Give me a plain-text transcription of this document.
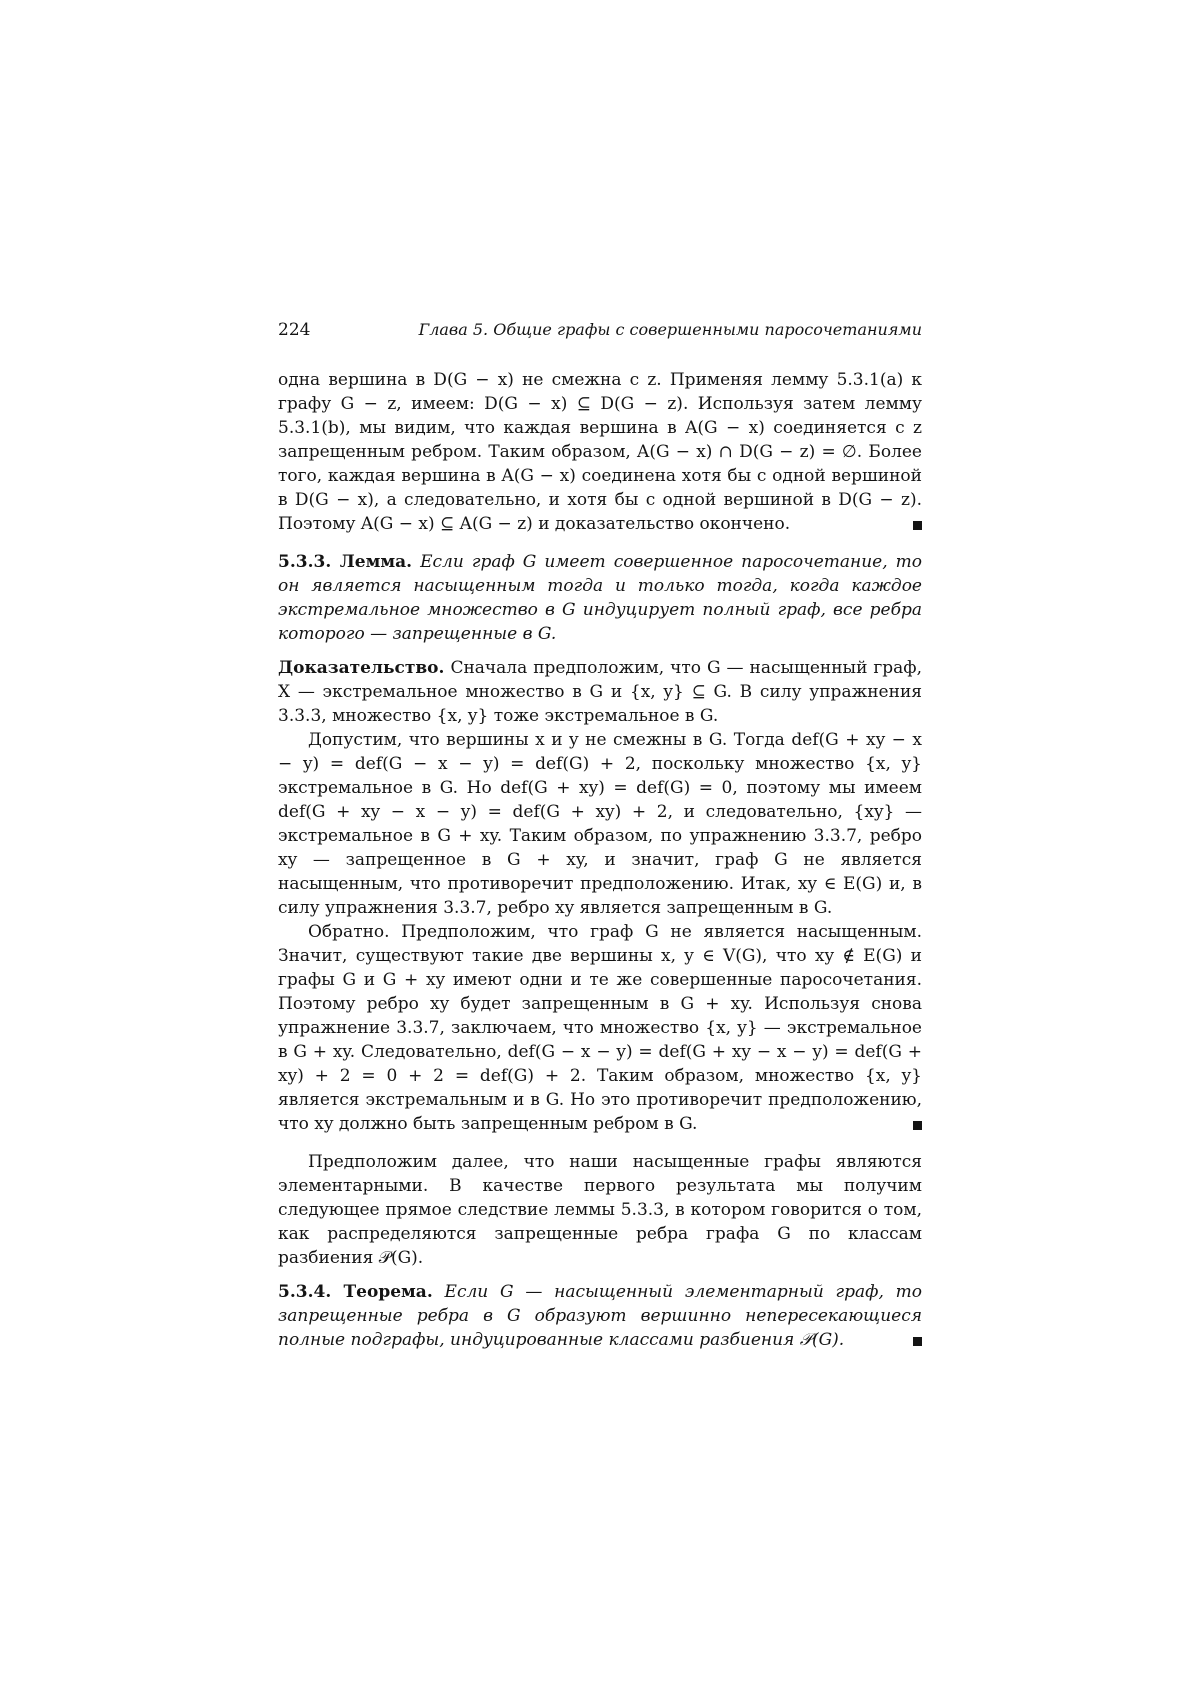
224	Глава 5. Общие графы с совершенными паросочетаниями

одна вершина в D(G − x) не смежна с z. Применяя лемму 5.3.1(a) к графу G − z, имеем: D(G − x) ⊆ D(G − z). Используя затем лемму 5.3.1(b), мы видим, что каждая вершина в A(G − x) соединяется с z запрещенным ребром. Таким образом, A(G − x) ∩ D(G − z) = ∅. Более того, каждая вершина в A(G − x) соединена хотя бы с одной вершиной в D(G − x), а следовательно, и хотя бы с одной вершиной в D(G − z). Поэтому A(G − x) ⊆ A(G − z) и доказательство окончено.

5.3.3. Лемма. Если граф G имеет совершенное паросочетание, то он является насыщенным тогда и только тогда, когда каждое экстремальное множество в G индуцирует полный граф, все ребра которого — запрещенные в G.

Доказательство. Сначала предположим, что G — насыщенный граф, X — экстремальное множество в G и {x, y} ⊆ G. В силу упражнения 3.3.3, множество {x, y} тоже экстремальное в G.

Допустим, что вершины x и y не смежны в G. Тогда def(G + xy − x − y) = def(G − x − y) = def(G) + 2, поскольку множество {x, y} экстремальное в G. Но def(G + xy) = def(G) = 0, поэтому мы имеем def(G + xy − x − y) = def(G + xy) + 2, и следовательно, {xy} — экстремальное в G + xy. Таким образом, по упражнению 3.3.7, ребро xy — запрещенное в G + xy, и значит, граф G не является насыщенным, что противоречит предположению. Итак, xy ∈ E(G) и, в силу упражнения 3.3.7, ребро xy является запрещенным в G.

Обратно. Предположим, что граф G не является насыщенным. Значит, существуют такие две вершины x, y ∈ V(G), что xy ∉ E(G) и графы G и G + xy имеют одни и те же совершенные паросочетания. Поэтому ребро xy будет запрещенным в G + xy. Используя снова упражнение 3.3.7, заключаем, что множество {x, y} — экстремальное в G + xy. Следовательно, def(G − x − y) = def(G + xy − x − y) = def(G + xy) + 2 = 0 + 2 = def(G) + 2. Таким образом, множество {x, y} является экстремальным и в G. Но это противоречит предположению, что xy должно быть запрещенным ребром в G.

Предположим далее, что наши насыщенные графы являются элементарными. В качестве первого результата мы получим следующее прямое следствие леммы 5.3.3, в котором говорится о том, как распределяются запрещенные ребра графа G по классам разбиения 𝒫(G).

5.3.4. Теорема. Если G — насыщенный элементарный граф, то запрещенные ребра в G образуют вершинно непересекающиеся полные подграфы, индуцированные классами разбиения 𝒫(G).
